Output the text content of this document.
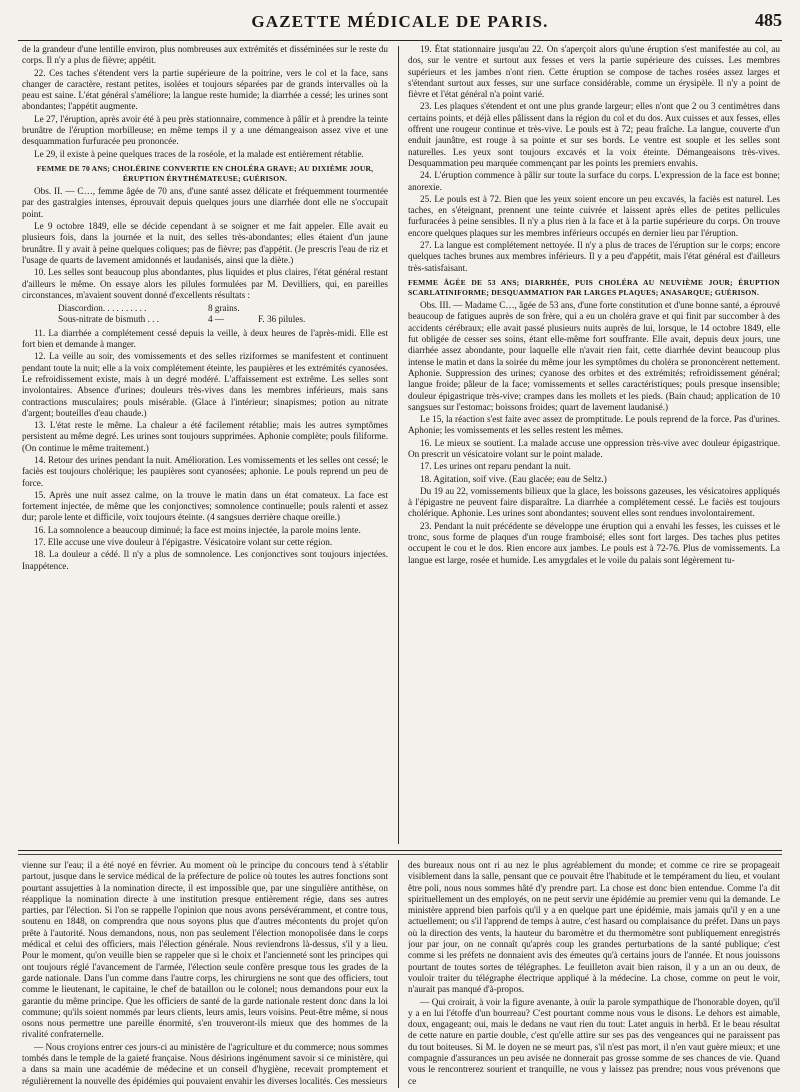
GAZETTE MÉDICALE DE PARIS.	485

de la grandeur d'une lentille environ, plus nombreuses aux extrémités et disséminées sur le reste du corps. Il n'y a plus de fièvre; appétit.

22. Ces taches s'étendent vers la partie supérieure de la poitrine, vers le col et la face, sans changer de caractère, restant petites, isolées et toujours séparées par de grands intervalles où la peau est saine. L'état général s'améliore; la langue reste humide; la diarrhée a cessé; les urines sont abondantes; l'appétit augmente.

Le 27, l'éruption, après avoir été à peu près stationnaire, commence à pâlir et à prendre la teinte brunâtre de l'éruption morbilleuse; en même temps il y a une démangeaison assez vive et une desquammation furfuracée peu prononcée.

Le 29, il existe à peine quelques traces de la roséole, et la malade est entièrement rétablie.

FEMME DE 70 ANS; CHOLÉRINE CONVERTIE EN CHOLÉRA GRAVE; AU DIXIÈME JOUR, ÉRUPTION ÉRYTHÉMATEUSE; GUÉRISON.

Obs. II. — C…, femme âgée de 70 ans, d'une santé assez délicate et fréquemment tourmentée par des gastralgies intenses, éprouvait depuis quelques jours une diarrhée dont elle ne s'occupait point.

Le 9 octobre 1849, elle se décide cependant à se soigner et me fait appeler. Elle avait eu plusieurs fois, dans la journée et la nuit, des selles très-abondantes; elles étaient d'un jaune brunâtre. Il y avait à peine quelques coliques; pas de fièvre; pas d'appétit. (Je prescris l'eau de riz et l'usage de quarts de lavement amidonnés et laudanisés, ainsi que la diète.)

10. Les selles sont beaucoup plus abondantes, plus liquides et plus claires, l'état général restant d'ailleurs le même. On essaye alors les pilules formulées par M. Devilliers, qui, en pareilles circonstances, m'avaient souvent donné d'excellents résultats :

Diascordion. . . . . . . . . .	8 grains.
Sous-nitrate de bismuth . . .	4 —	F. 36 pilules.

11. La diarrhée a complétement cessé depuis la veille, à deux heures de l'après-midi. Elle est fort bien et demande à manger.

12. La veille au soir, des vomissements et des selles riziformes se manifestent et continuent pendant toute la nuit; elle a la voix complétement éteinte, les paupières et les extrémités cyanosées. Le refroidissement existe, mais à un degré modéré. L'affaissement est extrême. Les selles sont involontaires. Absence d'urines; douleurs très-vives dans les membres inférieurs, mais sans contractions musculaires; pouls misérable. (Glace à l'intérieur; sinapismes; potion au nitrate d'argent; bouteilles d'eau chaude.)

13. L'état reste le même. La chaleur a été facilement rétablie; mais les autres symptômes persistent au même degré. Les urines sont toujours supprimées. Aphonie complète; pouls filiforme. (On continue le même traitement.)

14. Retour des urines pendant la nuit. Amélioration. Les vomissements et les selles ont cessé; le faciès est toujours cholérique; les paupières sont cyanosées; aphonie. Le pouls reprend un peu de force.

15. Après une nuit assez calme, on la trouve le matin dans un état comateux. La face est fortement injectée, de même que les conjonctives; somnolence continuelle; pouls ralenti et assez dur; parole lente et difficile, voix toujours éteinte. (4 sangsues derrière chaque oreille.)

16. La somnolence a beaucoup diminué; la face est moins injectée, la parole moins lente.

17. Elle accuse une vive douleur à l'épigastre. Vésicatoire volant sur cette région.

18. La douleur a cédé. Il n'y a plus de somnolence. Les conjonctives sont toujours injectées. Inappétence.

19. État stationnaire jusqu'au 22. On s'aperçoit alors qu'une éruption s'est manifestée au col, au dos, sur le ventre et surtout aux fesses et vers la partie supérieure des cuisses. Les membres supérieurs et les jambes n'ont rien. Cette éruption se compose de taches rosées assez larges et s'étendant surtout aux fesses, sur une surface considérable, comme un érysipèle. Il n'y a point de fièvre et l'état général n'a point varié.

23. Les plaques s'étendent et ont une plus grande largeur; elles n'ont que 2 ou 3 centimètres dans certains points, et déjà elles pâlissent dans la région du col et du dos. Aux cuisses et aux fesses, elles offrent une rougeur continue et très-vive. Le pouls est à 72; peau fraîche. La langue, couverte d'un enduit jaunâtre, est rouge à sa pointe et sur ses bords. Le ventre est souple et les selles sont naturelles. Les yeux sont toujours excavés et la voix éteinte. Démangeaisons très-vives. Desquammation peu marquée commençant par les points les premiers envahis.

24. L'éruption commence à pâlir sur toute la surface du corps. L'expression de la face est bonne; anorexie.

25. Le pouls est à 72. Bien que les yeux soient encore un peu excavés, la faciès est naturel. Les taches, en s'éteignant, prennent une teinte cuivrée et laissent après elles de petites pellicules furfuracées à peine sensibles. Il n'y a plus rien à la face et à la partie supérieure du corps. On trouve encore quelques plaques sur les membres inférieurs occupés en dernier lieu par l'éruption.

27. La langue est complétement nettoyée. Il n'y a plus de traces de l'éruption sur le corps; encore quelques taches brunes aux membres inférieurs. Il y a peu d'appétit, mais l'état général est d'ailleurs très-satisfaisant.

FEMME ÂGÉE DE 53 ANS; DIARRHÉE, PUIS CHOLÉRA AU NEUVIÈME JOUR; ÉRUPTION SCARLATINIFORME; DESQUAMMATION PAR LARGES PLAQUES; ANASARQUE; GUÉRISON.

Obs. III. — Madame C…, âgée de 53 ans, d'une forte constitution et d'une bonne santé, a éprouvé beaucoup de fatigues auprès de son frère, qui a eu un choléra grave et qui finit par succomber à des accidents cérébraux; elle avait passé plusieurs nuits auprès de lui, lorsque, le 14 octobre 1849, elle fut obligée de cesser ses soins, étant elle-même fort souffrante. Elle avait, depuis deux jours, une diarrhée assez abondante, pour laquelle elle n'avait rien fait, cette diarrhée devint beaucoup plus intense le matin et dans la soirée du même jour les symptômes du choléra se prononcèrent nettement. Aphonie. Suppression des urines; cyanose des orbites et des extrémités; refroidissement général; langue froide; pâleur de la face; vomissements et selles caractéristiques; pouls presque insensible; douleur épigastrique très-vive; crampes dans les mollets et les pieds. (Bain chaud; application de 10 sangsues sur l'estomac; boissons froides; quart de lavement laudanisé.)

Le 15, la réaction s'est faite avec assez de promptitude. Le pouls reprend de la force. Pas d'urines. Aphonie; les vomissements et les selles restent les mêmes.

16. Le mieux se soutient. La malade accuse une oppression très-vive avec douleur épigastrique. On prescrit un vésicatoire volant sur le point malade.

17. Les urines ont reparu pendant la nuit.

18. Agitation, soif vive. (Eau glacée; eau de Seltz.)

Du 19 au 22, vomissements bilieux que la glace, les boissons gazeuses, les vésicatoires appliqués à l'épigastre ne peuvent faire disparaître. La diarrhée a complétement cessé. Le faciès est toujours cholérique. Aphonie. Les urines sont abondantes; souvent elles sont rendues involontairement.

23. Pendant la nuit précédente se développe une éruption qui a envahi les fesses, les cuisses et le tronc, sous forme de plaques d'un rouge framboisé; elles sont fort larges. Des taches plus petites occupent le cou et le dos. Rien encore aux jambes. Le pouls est à 72-76. Plus de vomissements. La langue est large, rosée et humide. Les amygdales et le voile du palais sont légèrement tu-

vienne sur l'eau; il a été noyé en février. Au moment où le principe du concours tend à s'établir partout, jusque dans le service médical de la préfecture de police où toutes les autres fonctions sont pourtant assujetties à la nomination directe, il est impossible que, par une singulière antithèse, on réapplique la nomination directe à une institution presque entièrement régie, dans ses autres parties, par l'élection. Si l'on se rappelle l'opinion que nous avons persévéramment, et contre tous, soutenu en 1848, on comprendra que nous soyons plus que d'autres mécontents du projet qu'on prête à l'autorité. Nous demandons, nous, non pas seulement l'élection monopolisée dans le corps médical et celui des officiers, mais l'élection générale. Nous reviendrons là-dessus, s'il y a lieu. Pour le moment, qu'on veuille bien se rappeler que si le choix et l'ancienneté sont les principes qui ont toujours réglé l'avancement de l'armée, l'élection seule confère presque tous les grades de la garde nationale. Dans l'un comme dans l'autre corps, les chirurgiens ne sont que des officiers, tout comme le lieutenant, le capitaine, le chef de bataillon ou le colonel; nous demandons pour eux la garantie du même principe. Que les officiers de santé de la garde nationale restent donc dans la loi commune; qu'ils soient nommés par leurs clients, leurs amis, leurs voisins. Peut-être même, si nous osons nous permettre une pareille énormité, s'en trouveront-ils mieux que des hommes de la rivalité confraternelle.

— Nous croyions entrer ces jours-ci au ministère de l'agriculture et du commerce; nous sommes tombés dans le temple de la gaieté française. Nous désirions ingénument savoir si ce ministère, qui a dans sa main une académie de médecine et un conseil d'hygiène, recevait promptement et régulièrement la nouvelle des épidémies qui pouvaient envahir les diverses localités. Ces messieurs

des bureaux nous ont ri au nez le plus agréablement du monde; et comme ce rire se propageait visiblement dans la salle, pensant que ce pouvait être l'habitude et le tempérament du lieu, et voulant être poli, nous nous sommes hâté d'y prendre part. La chose est donc bien entendue. Comme l'a dit spirituellement un des employés, on ne peut servir une épidémie au premier venu qui la demande. Le ministère apprend bien parfois qu'il y a en quelque part une épidémie, mais jamais qu'il y en a une actuellement; ou s'il l'apprend de temps à autre, c'est hasard ou complaisance du préfet. Dans un pays où la direction des vents, la hauteur du baromètre et du thermomètre sont publiquement enregistrés jour par jour, on ne connaît qu'après coup les grandes perturbations de la santé publique; c'est comme si les préfets ne donnaient avis des émeutes qu'à certains jours de l'année. Et nous jouissons pourtant de toutes sortes de télégraphes. Le feuilleton avait bien raison, il y a un an ou deux, de vouloir traiter du télégraphe électrique appliqué à la médecine. La chose, comme on peut le voir, n'aurait pas manqué d'à-propos.

— Qui croirait, à voir la figure avenante, à ouïr la parole sympathique de l'honorable doyen, qu'il y a en lui l'étoffe d'un bourreau? C'est pourtant comme nous vous le disons. Le dehors est aimable, doux, engageant; oui, mais le dedans ne vaut rien du tout: Latet anguis in herbâ. Et le beau résultat de cette nature en partie double, c'est qu'elle attire sur ses pas des vengeances qui ne paraissent pas du tout boiteuses. Si M. le doyen ne se meurt pas, s'il n'est pas mort, il n'en vaut guère mieux; et une compagnie d'assurances un peu avisée ne donnerait pas grosse somme de ses chances de vie. Quand vous le rencontrerez sourient et tranquille, ne vous y laissez pas prendre; nous vous prévenons que ce
